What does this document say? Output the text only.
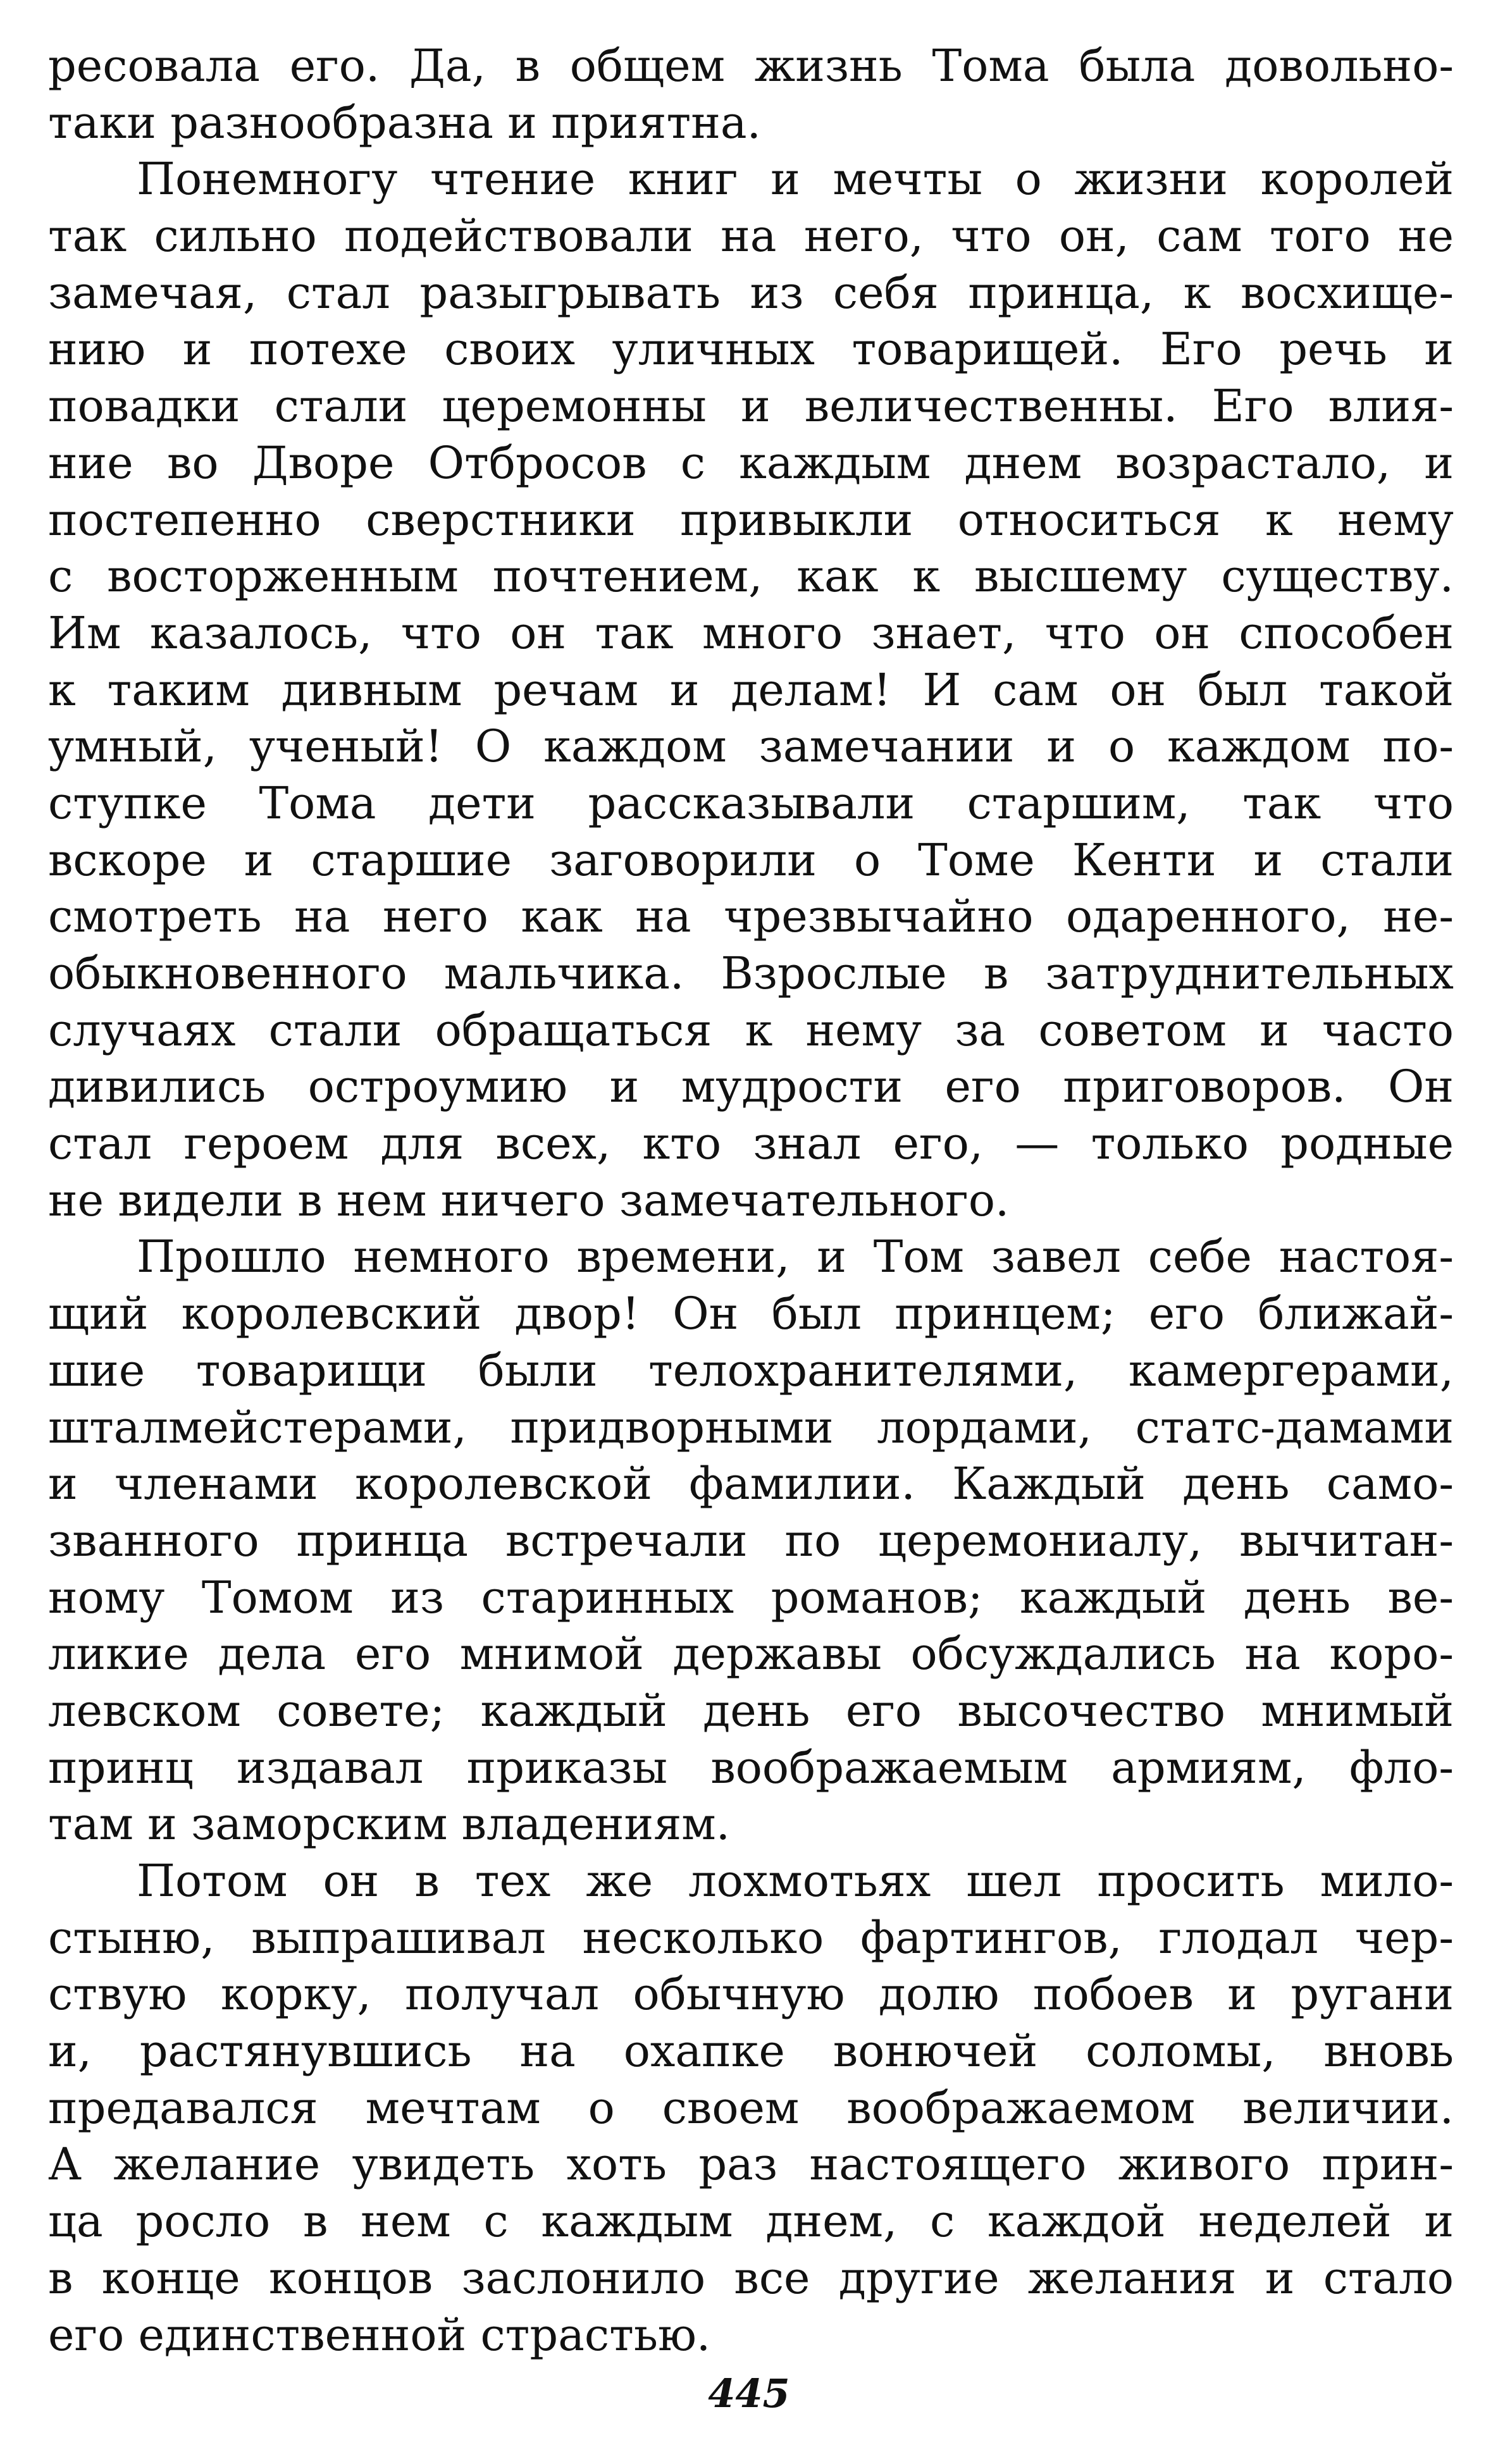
ресовала его. Да, в общем жизнь Тома была довольно-
таки разнообразна и приятна.
Понемногу чтение книг и мечты о жизни королей
так сильно подействовали на него, что он, сам того не
замечая, стал разыгрывать из себя принца, к восхище-
нию и потехе своих уличных товарищей. Его речь и
повадки стали церемонны и величественны. Его влия-
ние во Дворе Отбросов с каждым днем возрастало, и
постепенно сверстники привыкли относиться к нему
с восторженным почтением, как к высшему существу.
Им казалось, что он так много знает, что он способен
к таким дивным речам и делам! И сам он был такой
умный, ученый! О каждом замечании и о каждом по-
ступке Тома дети рассказывали старшим, так что
вскоре и старшие заговорили о Томе Кенти и стали
смотреть на него как на чрезвычайно одаренного, не-
обыкновенного мальчика. Взрослые в затруднительных
случаях стали обращаться к нему за советом и часто
дивились остроумию и мудрости его приговоров. Он
стал героем для всех, кто знал его, — только родные
не видели в нем ничего замечательного.
Прошло немного времени, и Том завел себе настоя-
щий королевский двор! Он был принцем; его ближай-
шие товарищи были телохранителями, камергерами,
шталмейстерами, придворными лордами, статс-дамами
и членами королевской фамилии. Каждый день само-
званного принца встречали по церемониалу, вычитан-
ному Томом из старинных романов; каждый день ве-
ликие дела его мнимой державы обсуждались на коро-
левском совете; каждый день его высочество мнимый
принц издавал приказы воображаемым армиям, фло-
там и заморским владениям.
Потом он в тех же лохмотьях шел просить мило-
стыню, выпрашивал несколько фартингов, глодал чер-
ствую корку, получал обычную долю побоев и ругани
и, растянувшись на охапке вонючей соломы, вновь
предавался мечтам о своем воображаемом величии.
А желание увидеть хоть раз настоящего живого прин-
ца росло в нем с каждым днем, с каждой неделей и
в конце концов заслонило все другие желания и стало
его единственной страстью.
445
